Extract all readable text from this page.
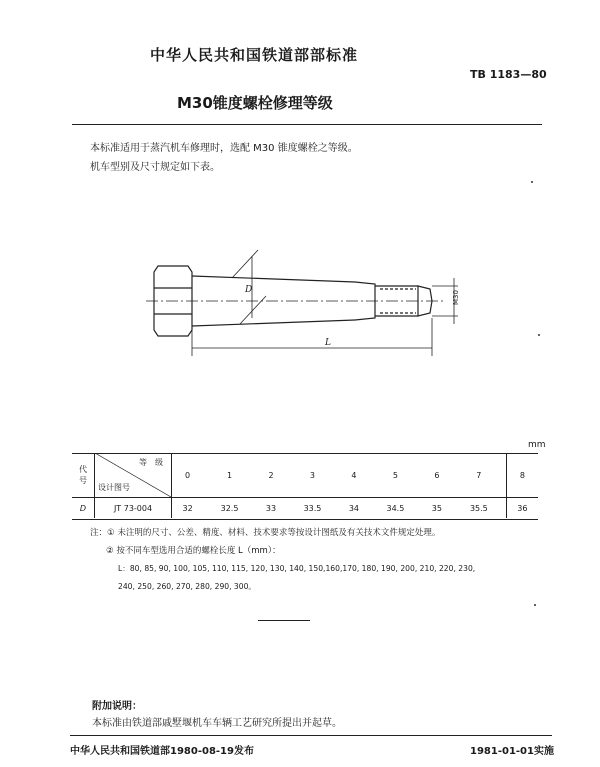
中华人民共和国铁道部部标准
TB 1183—80
M30锥度螺栓修理等级
本标准适用于蒸汽机车修理时，选配 M30 锥度螺栓之等级。
机车型别及尺寸规定如下表。
D
M30
L
mm
代
号	等　级
设计图号	0	1	2	3	4	5	6	7	8
D	JT 73-004	32	32.5	33	33.5	34	34.5	35	35.5	36
注：① 未注明的尺寸、公差、精度、材料、技术要求等按设计图纸及有关技术文件规定处理。
② 按不同车型选用合适的螺栓长度 L（mm）：
L：80, 85, 90, 100, 105, 110, 115, 120, 130, 140, 150,160,170, 180, 190, 200, 210, 220, 230,
240, 250, 260, 270, 280, 290, 300。
附加说明：
本标准由铁道部戚墅堰机车车辆工艺研究所提出并起草。
中华人民共和国铁道部1980-08-19发布	1981-01-01实施
